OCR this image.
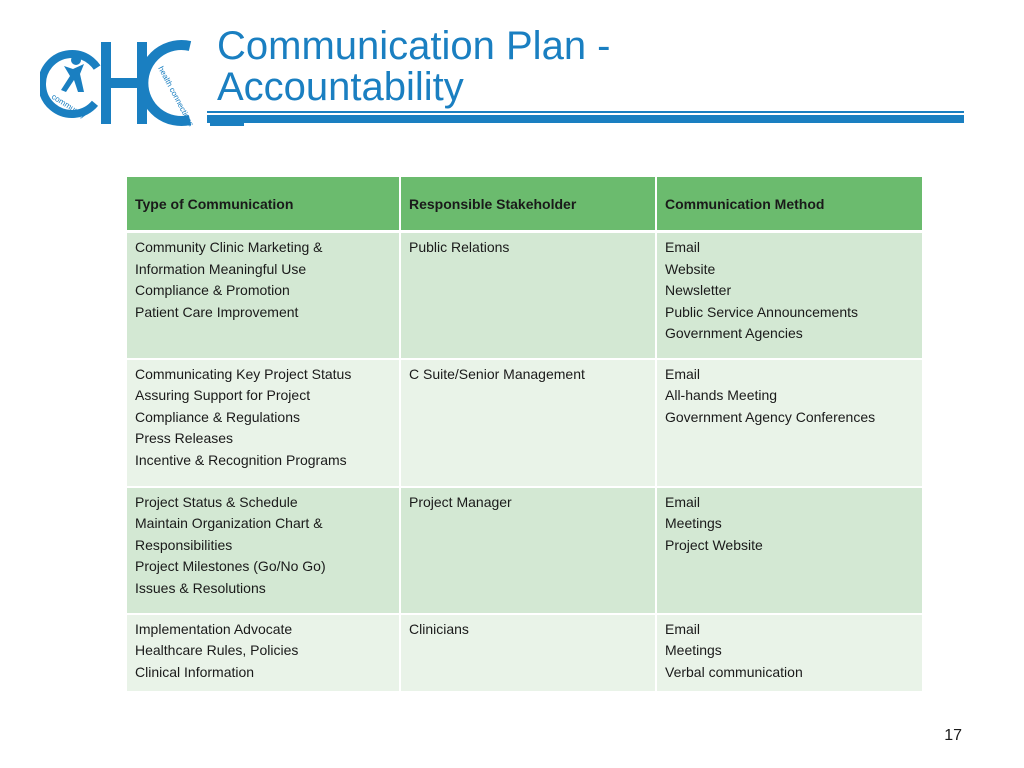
community	health connections
Communication Plan -
Accountability
Type of Communication	Responsible Stakeholder	Communication Method

Community Clinic Marketing &
Information Meaningful Use
Compliance & Promotion
Patient Care Improvement	Public Relations	Email
Website
Newsletter
Public Service Announcements
Government Agencies

Communicating Key Project Status
Assuring Support for Project
Compliance & Regulations
Press Releases
Incentive & Recognition Programs	C Suite/Senior Management	Email
All-hands Meeting
Government Agency Conferences

Project Status & Schedule
Maintain Organization Chart &
Responsibilities
Project Milestones (Go/No Go)
Issues & Resolutions	Project Manager	Email
Meetings
Project Website

Implementation Advocate
Healthcare Rules, Policies
Clinical Information	Clinicians	Email
Meetings
Verbal communication
17
